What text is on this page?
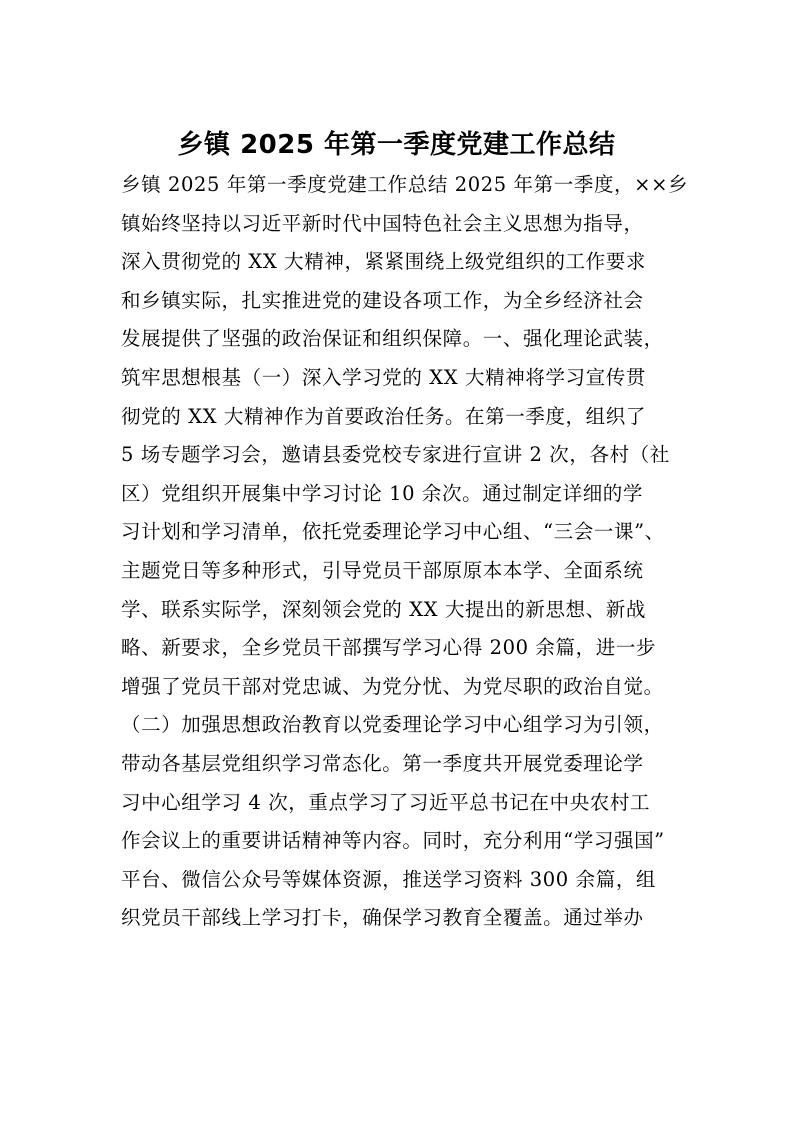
乡镇 2025 年第一季度党建工作总结
乡镇 2025 年第一季度党建工作总结 2025 年第一季度，××乡
镇始终坚持以习近平新时代中国特色社会主义思想为指导，
深入贯彻党的 XX 大精神，紧紧围绕上级党组织的工作要求
和乡镇实际，扎实推进党的建设各项工作，为全乡经济社会
发展提供了坚强的政治保证和组织保障。一、强化理论武装，
筑牢思想根基（一）深入学习党的 XX 大精神将学习宣传贯
彻党的 XX 大精神作为首要政治任务。在第一季度，组织了
5 场专题学习会，邀请县委党校专家进行宣讲 2 次，各村（社
区）党组织开展集中学习讨论 10 余次。通过制定详细的学
习计划和学习清单，依托党委理论学习中心组、“三会一课”、
主题党日等多种形式，引导党员干部原原本本学、全面系统
学、联系实际学，深刻领会党的 XX 大提出的新思想、新战
略、新要求，全乡党员干部撰写学习心得 200 余篇，进一步
增强了党员干部对党忠诚、为党分忧、为党尽职的政治自觉。
（二）加强思想政治教育以党委理论学习中心组学习为引领，
带动各基层党组织学习常态化。第一季度共开展党委理论学
习中心组学习 4 次，重点学习了习近平总书记在中央农村工
作会议上的重要讲话精神等内容。同时，充分利用“学习强国”
平台、微信公众号等媒体资源，推送学习资料 300 余篇，组
织党员干部线上学习打卡，确保学习教育全覆盖。通过举办
